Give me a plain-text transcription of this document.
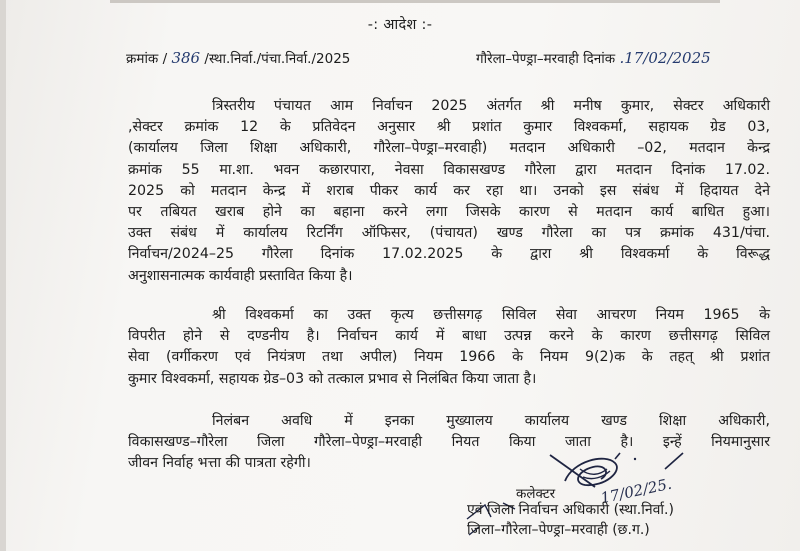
-: आदेश :-
क्रमांक / 386 /स्था.निर्वा./पंचा.निर्वा./2025	गौरेला–पेण्ड्रा–मरवाही दिनांक .17/02/2025
त्रिस्तरीय पंचायत आम निर्वाचन 2025 अंतर्गत श्री मनीष कुमार, सेक्टर अधिकारी
,सेक्टर क्रमांक 12 के प्रतिवेदन अनुसार श्री प्रशांत कुमार विश्वकर्मा, सहायक ग्रेड 03,
(कार्यालय जिला शिक्षा अधिकारी, गौरेला–पेण्ड्रा–मरवाही) मतदान अधिकारी –02, मतदान केन्द्र
क्रमांक 55 मा.शा. भवन कछारपारा, नेवसा विकासखण्ड गौरेला द्वारा मतदान दिनांक 17.02.
2025 को मतदान केन्द्र में शराब पीकर कार्य कर रहा था। उनको इस संबंध में हिदायत देने
पर तबियत खराब होने का बहाना करने लगा जिसके कारण से मतदान कार्य बाधित हुआ।
उक्त संबंध में कार्यालय रिटर्निंग ऑफिसर, (पंचायत) खण्ड गौरेला का पत्र क्रमांक 431/पंचा.
निर्वाचन/2024–25 गौरेला दिनांक 17.02.2025 के द्वारा श्री विश्वकर्मा के विरूद्ध
अनुशासनात्मक कार्यवाही प्रस्तावित किया है।
श्री विश्वकर्मा का उक्त कृत्य छत्तीसगढ़ सिविल सेवा आचरण नियम 1965 के
विपरीत होने से दण्डनीय है। निर्वाचन कार्य में बाधा उत्पन्न करने के कारण छत्तीसगढ़ सिविल
सेवा (वर्गीकरण एवं नियंत्रण तथा अपील) नियम 1966 के नियम 9(2)क के तहत् श्री प्रशांत
कुमार विश्वकर्मा, सहायक ग्रेड–03 को तत्काल प्रभाव से निलंबित किया जाता है।
निलंबन अवधि में इनका मुख्यालय कार्यालय खण्ड शिक्षा अधिकारी,
विकासखण्ड–गौरेला जिला गौरेला–पेण्ड्रा–मरवाही नियत किया जाता है। इन्हें नियमानुसार
जीवन निर्वाह भत्ता की पात्रता रहेगी।
17/02/25.
कलेक्टर
एवं जिला निर्वाचन अधिकारी (स्था.निर्वा.)
जिला–गौरेला–पेण्ड्रा–मरवाही (छ.ग.)
